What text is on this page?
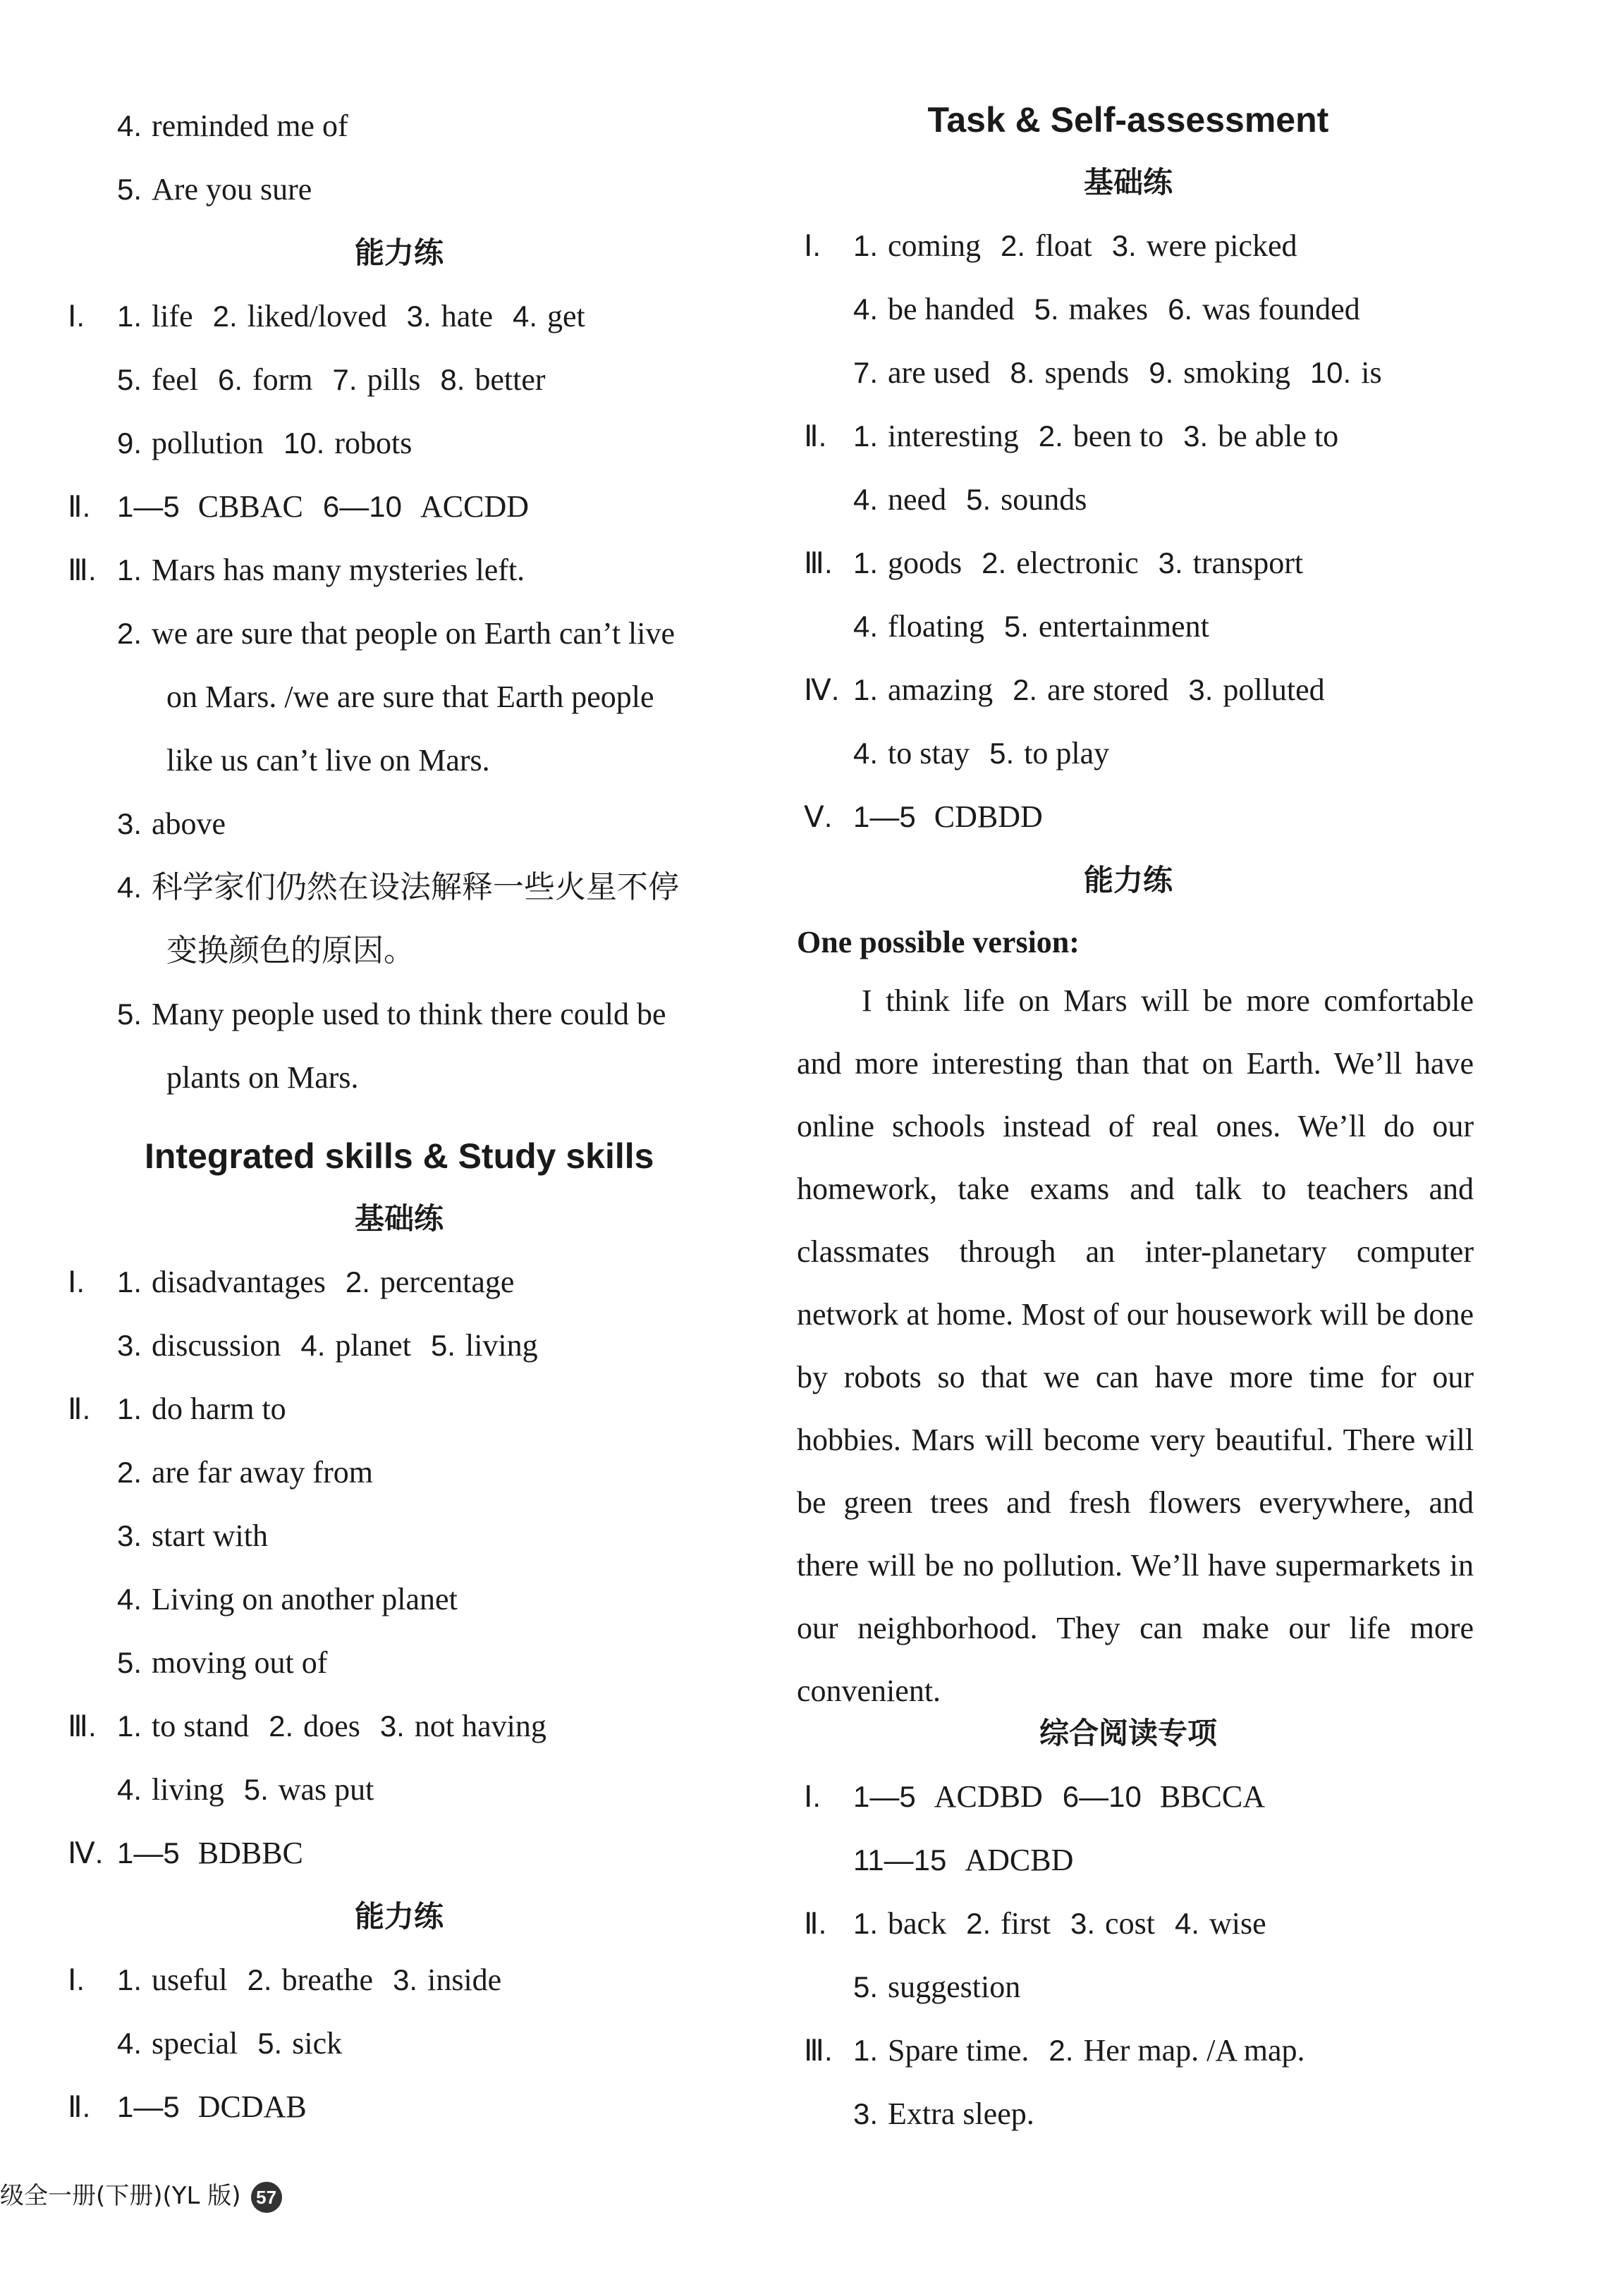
4. reminded me of
5. Are you sure
能力练
Ⅰ. 1. life 2. liked/loved 3. hate 4. get
5. feel 6. form 7. pills 8. better
9. pollution 10. robots
Ⅱ. 1—5 CBBAC 6—10 ACCDD
Ⅲ. 1. Mars has many mysteries left.
2. we are sure that people on Earth can’t live
on Mars. /we are sure that Earth people
like us can’t live on Mars.
3. above
4. 科学家们仍然在设法解释一些火星不停
变换颜色的原因。
5. Many people used to think there could be
plants on Mars.
Integrated skills & Study skills
基础练
Ⅰ. 1. disadvantages 2. percentage
3. discussion 4. planet 5. living
Ⅱ. 1. do harm to
2. are far away from
3. start with
4. Living on another planet
5. moving out of
Ⅲ. 1. to stand 2. does 3. not having
4. living 5. was put
Ⅳ. 1—5 BDBBC
能力练
Ⅰ. 1. useful 2. breathe 3. inside
4. special 5. sick
Ⅱ. 1—5 DCDAB
Task & Self-assessment
基础练
Ⅰ. 1. coming 2. float 3. were picked
4. be handed 5. makes 6. was founded
7. are used 8. spends 9. smoking 10. is
Ⅱ. 1. interesting 2. been to 3. be able to
4. need 5. sounds
Ⅲ. 1. goods 2. electronic 3. transport
4. floating 5. entertainment
Ⅳ. 1. amazing 2. are stored 3. polluted
4. to stay 5. to play
Ⅴ. 1—5 CDBDD
能力练
One possible version:

I think life on Mars will be more comfortable and more interesting than that on Earth. We’ll have online schools instead of real ones. We’ll do our homework, take exams and talk to teachers and classmates through an inter-planetary computer network at home. Most of our housework will be done by robots so that we can have more time for our hobbies. Mars will become very beautiful. There will be green trees and fresh flowers everywhere, and there will be no pollution. We’ll have supermarkets in our neighborhood. They can make our life more convenient.

综合阅读专项
Ⅰ. 1—5 ACDBD 6—10 BBCCA
11—15 ADCBD
Ⅱ. 1. back 2. first 3. cost 4. wise
5. suggestion
Ⅲ. 1. Spare time. 2. Her map. /A map.
3. Extra sleep.
级全一册(下册)(YL 版) 57
